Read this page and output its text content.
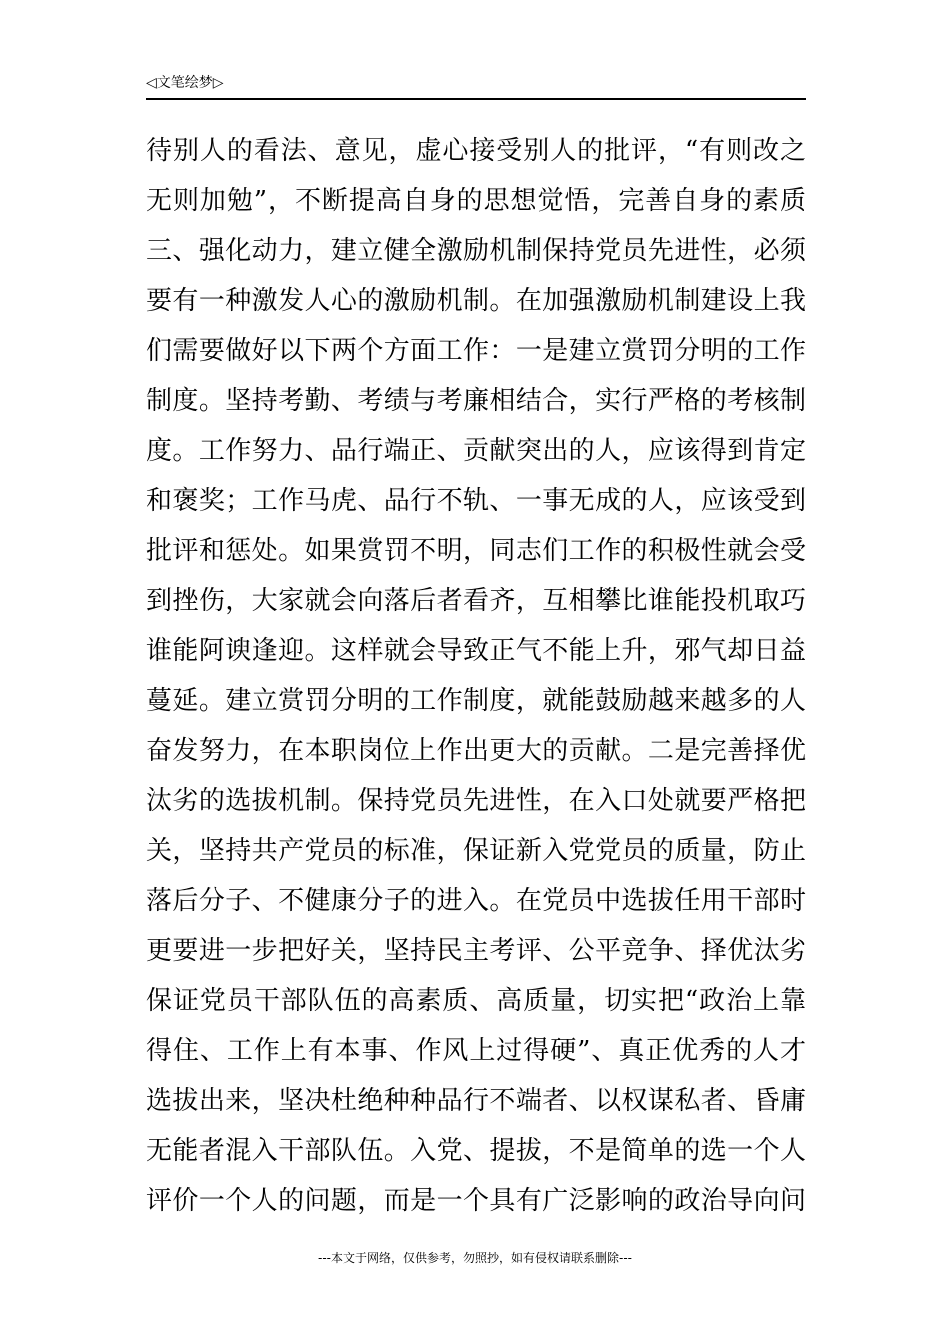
◁文笔绘梦▷
待别人的看法、意见，虚心接受别人的批评，“有则改之
无则加勉”，不断提高自身的思想觉悟，完善自身的素质
三、强化动力，建立健全激励机制保持党员先进性，必须
要有一种激发人心的激励机制。在加强激励机制建设上我
们需要做好以下两个方面工作：一是建立赏罚分明的工作
制度。坚持考勤、考绩与考廉相结合，实行严格的考核制
度。工作努力、品行端正、贡献突出的人，应该得到肯定
和褒奖；工作马虎、品行不轨、一事无成的人，应该受到
批评和惩处。如果赏罚不明，同志们工作的积极性就会受
到挫伤，大家就会向落后者看齐，互相攀比谁能投机取巧
谁能阿谀逢迎。这样就会导致正气不能上升，邪气却日益
蔓延。建立赏罚分明的工作制度，就能鼓励越来越多的人
奋发努力，在本职岗位上作出更大的贡献。二是完善择优
汰劣的选拔机制。保持党员先进性，在入口处就要严格把
关，坚持共产党员的标准，保证新入党党员的质量，防止
落后分子、不健康分子的进入。在党员中选拔任用干部时
更要进一步把好关，坚持民主考评、公平竞争、择优汰劣
保证党员干部队伍的高素质、高质量，切实把“政治上靠
得住、工作上有本事、作风上过得硬”、真正优秀的人才
选拔出来，坚决杜绝种种品行不端者、以权谋私者、昏庸
无能者混入干部队伍。入党、提拔，不是简单的选一个人
评价一个人的问题，而是一个具有广泛影响的政治导向问
---本文于网络，仅供参考，勿照抄，如有侵权请联系删除---
